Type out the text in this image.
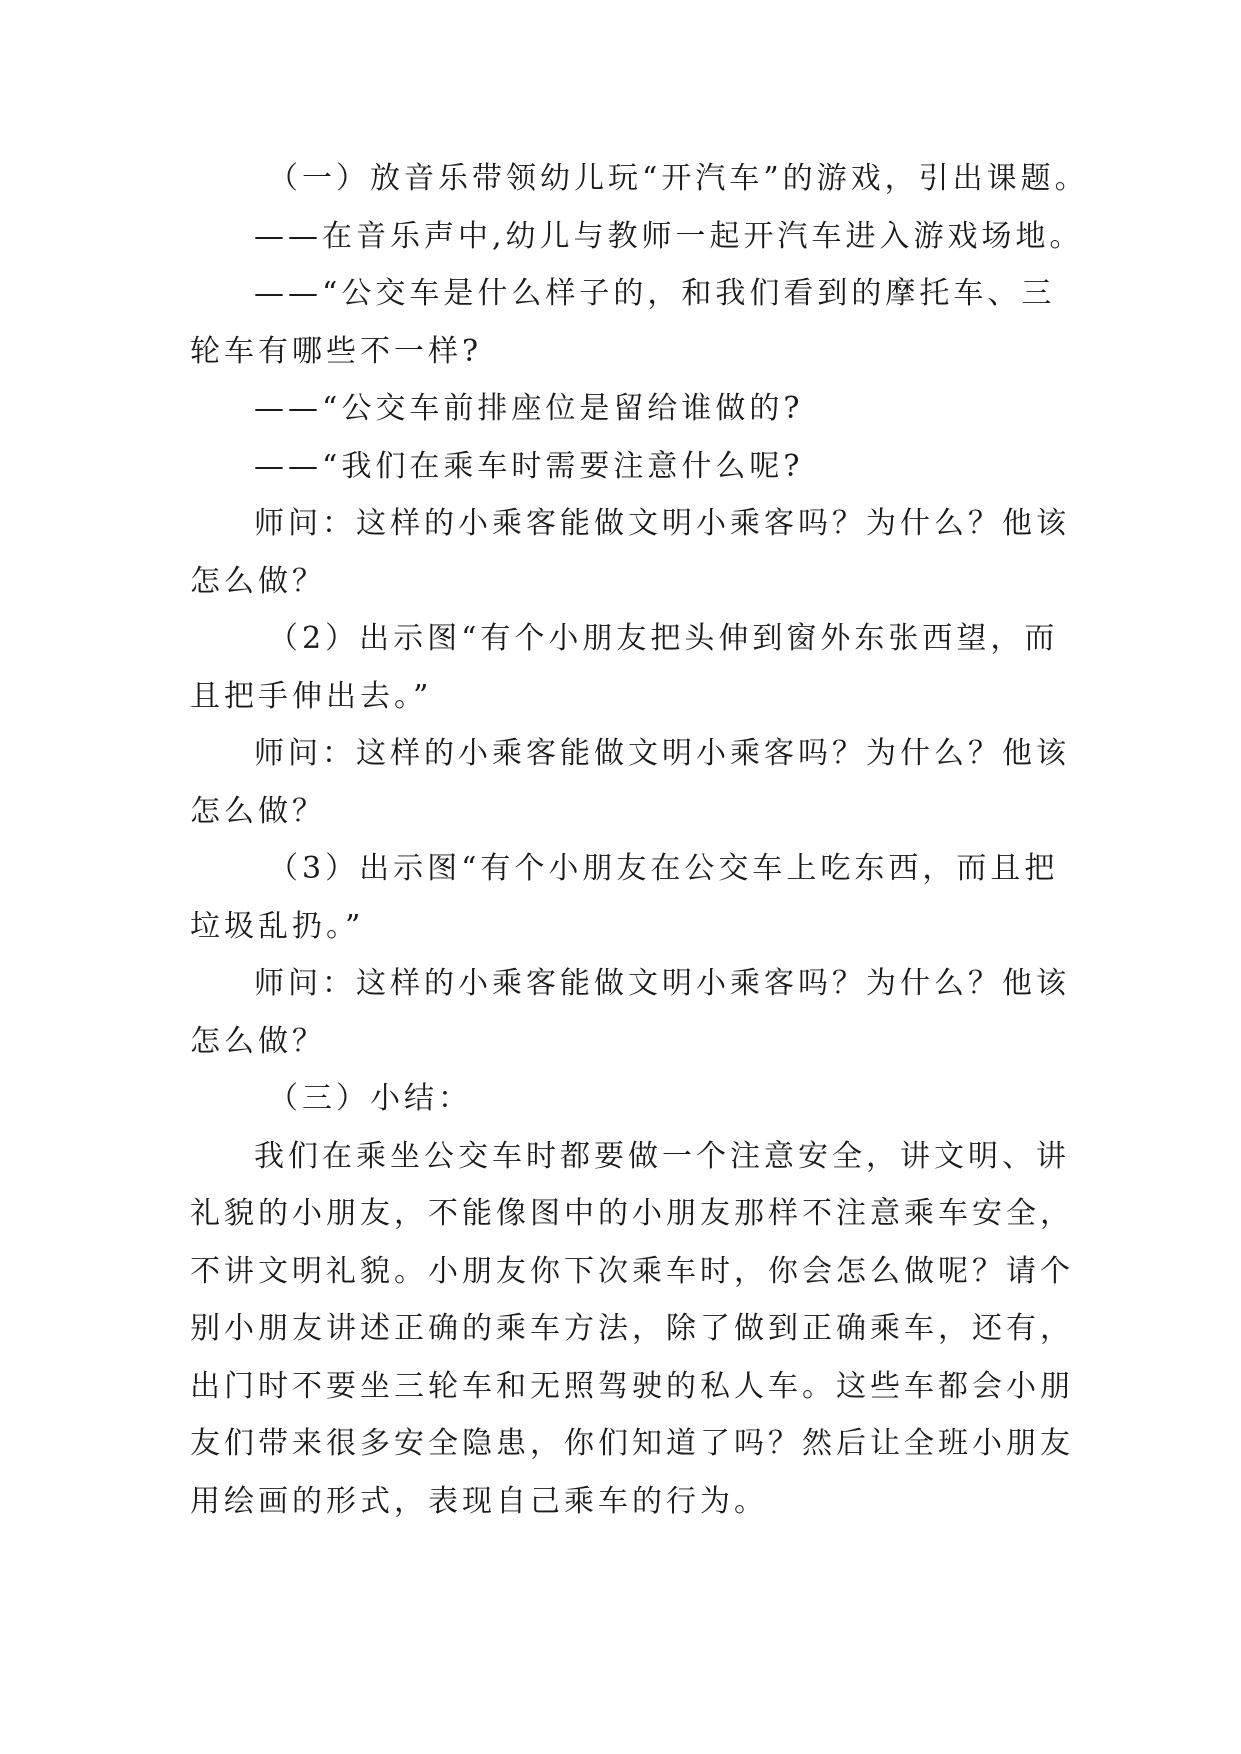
（一）放音乐带领幼儿玩“开汽车”的游戏，引出课题。
——在音乐声中,幼儿与教师一起开汽车进入游戏场地。
——“公交车是什么样子的，和我们看到的摩托车、三
轮车有哪些不一样?
——“公交车前排座位是留给谁做的?
——“我们在乘车时需要注意什么呢?
师问：这样的小乘客能做文明小乘客吗？为什么？他该
怎么做？
（2）出示图“有个小朋友把头伸到窗外东张西望，而
且把手伸出去。”
师问：这样的小乘客能做文明小乘客吗？为什么？他该
怎么做？
（3）出示图“有个小朋友在公交车上吃东西，而且把
垃圾乱扔。”
师问：这样的小乘客能做文明小乘客吗？为什么？他该
怎么做？
（三）小结：
我们在乘坐公交车时都要做一个注意安全，讲文明、讲
礼貌的小朋友，不能像图中的小朋友那样不注意乘车安全，
不讲文明礼貌。小朋友你下次乘车时，你会怎么做呢？请个
别小朋友讲述正确的乘车方法，除了做到正确乘车，还有，
出门时不要坐三轮车和无照驾驶的私人车。这些车都会小朋
友们带来很多安全隐患，你们知道了吗？然后让全班小朋友
用绘画的形式，表现自己乘车的行为。
